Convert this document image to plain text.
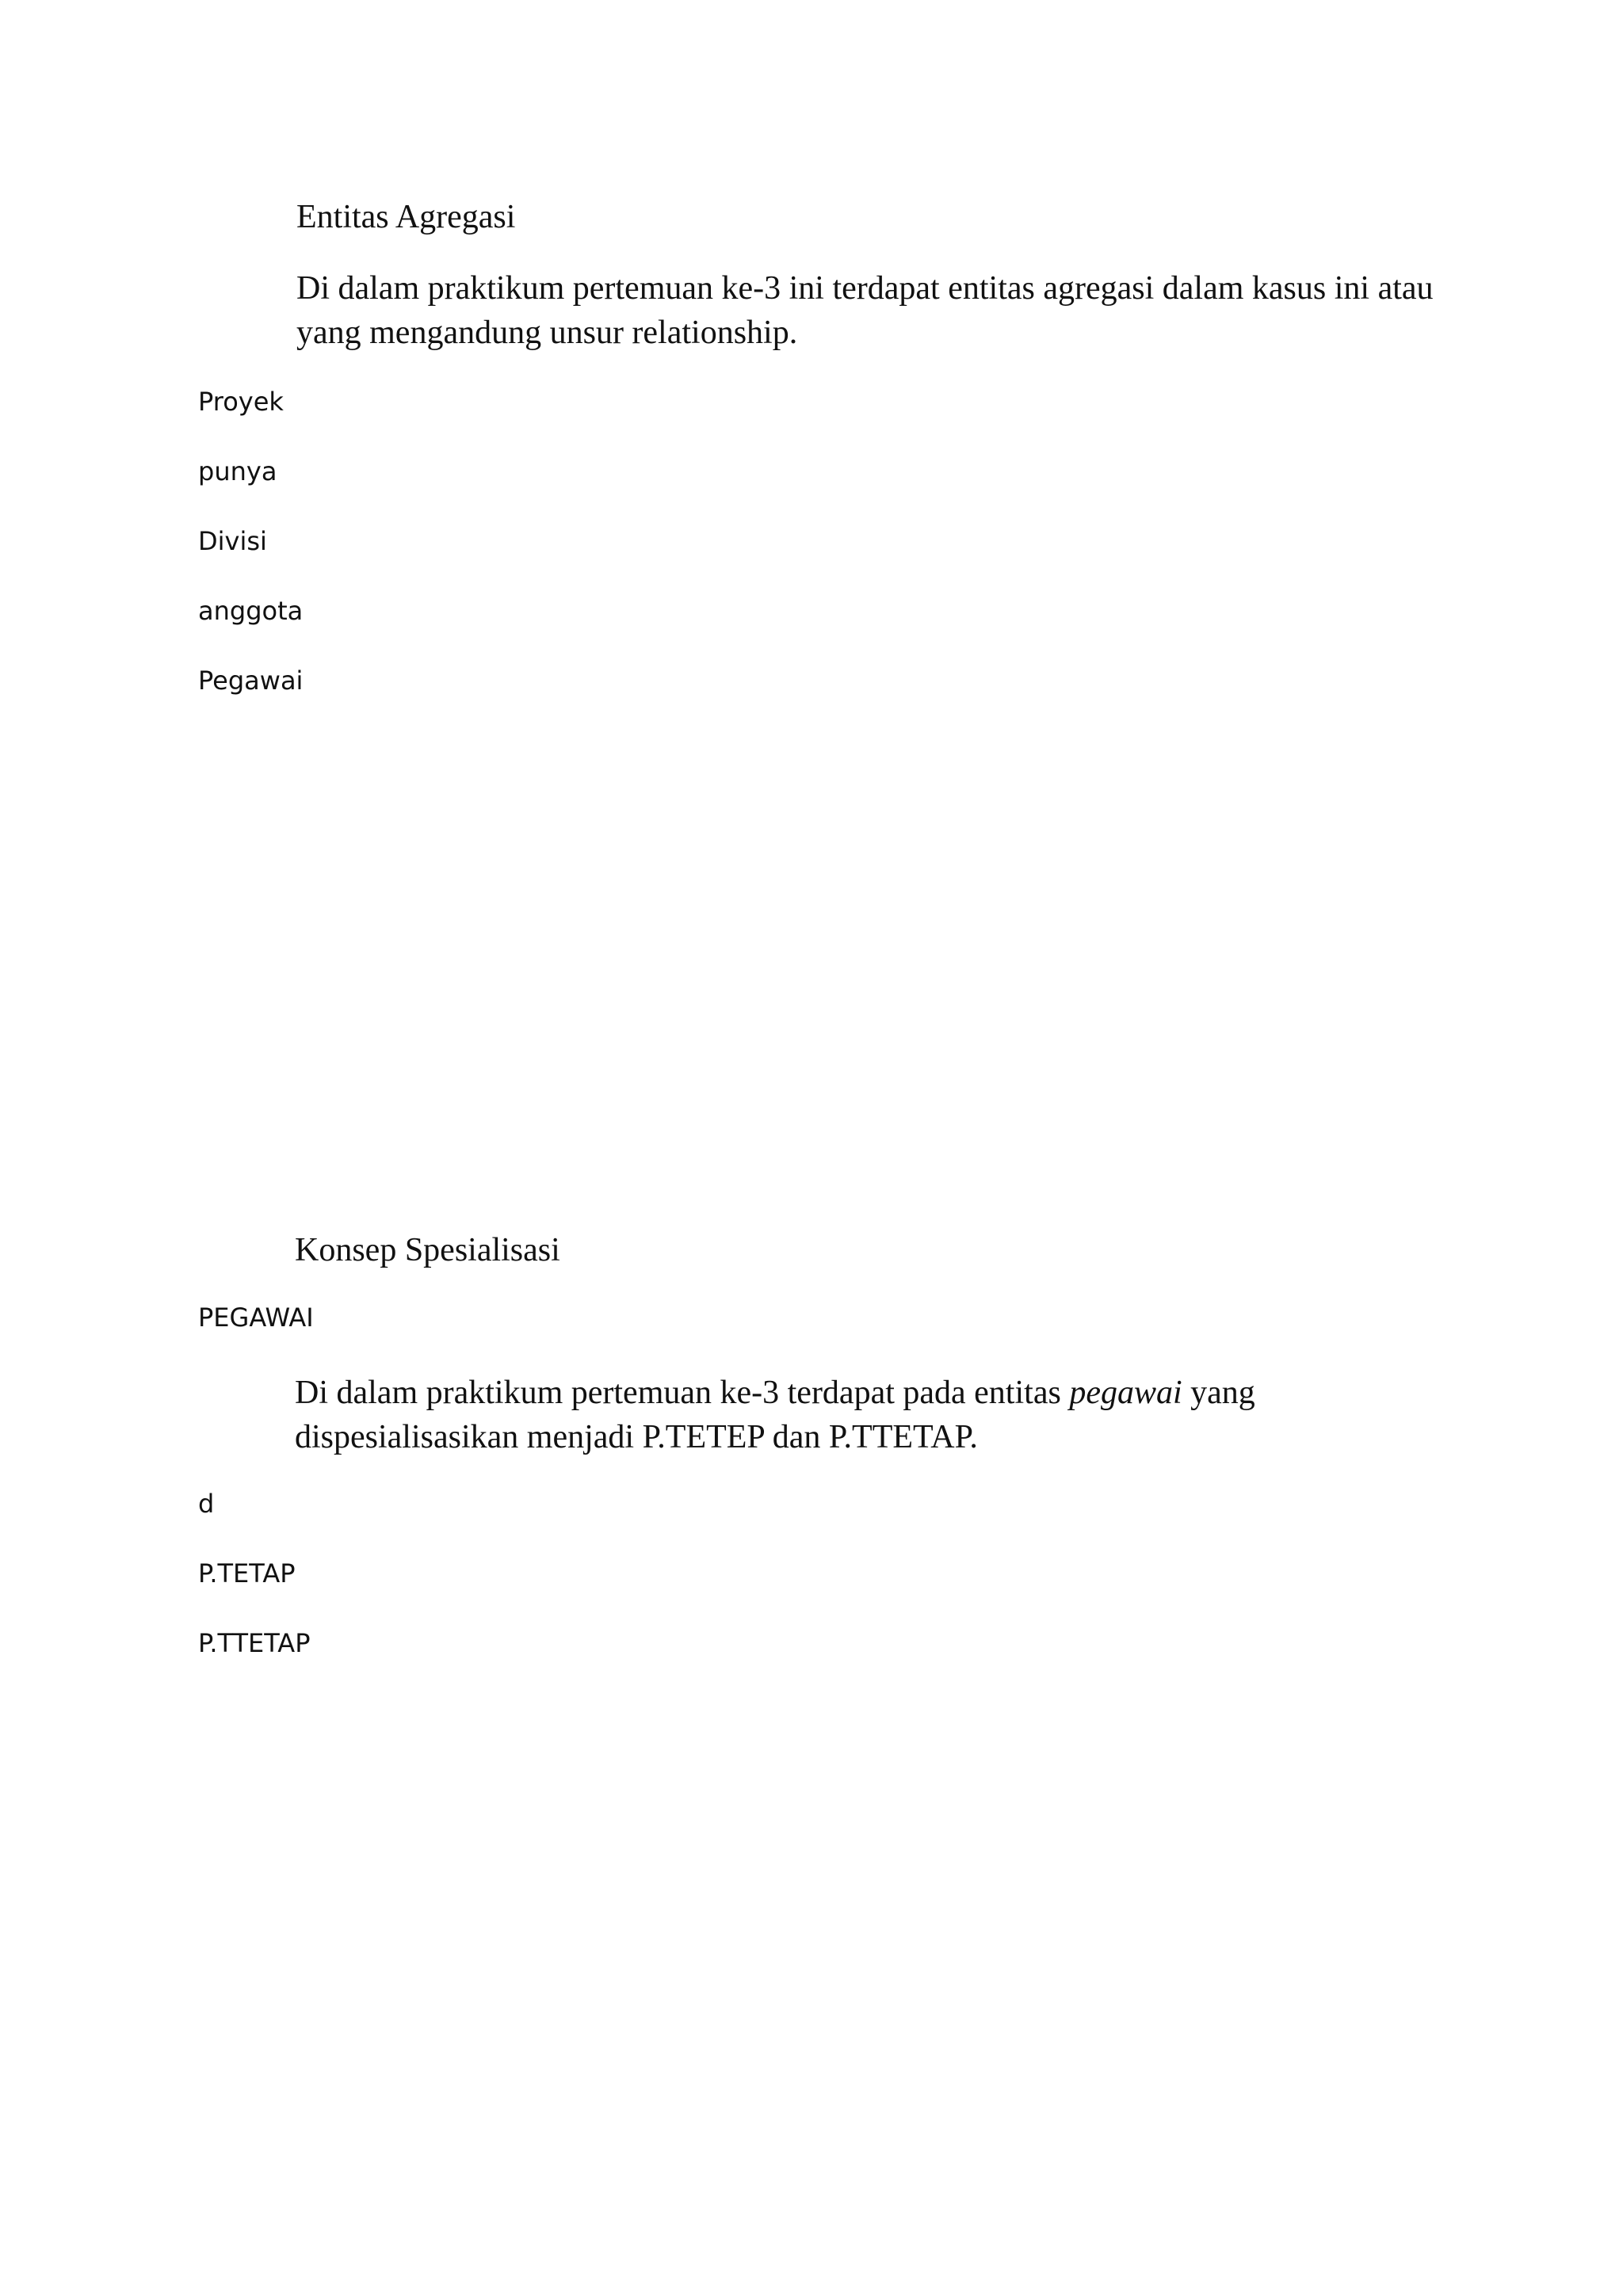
Entitas Agregasi
Di dalam praktikum pertemuan ke-3 ini terdapat entitas agregasi dalam kasus ini atau
yang mengandung unsur relationship.
Proyek
punya
Divisi
anggota
Pegawai
Konsep Spesialisasi
PEGAWAI
Di dalam praktikum pertemuan ke-3 terdapat pada entitas pegawai yang
dispesialisasikan menjadi P.TETEP dan P.TTETAP.
d
P.TETAP
P.TTETAP
